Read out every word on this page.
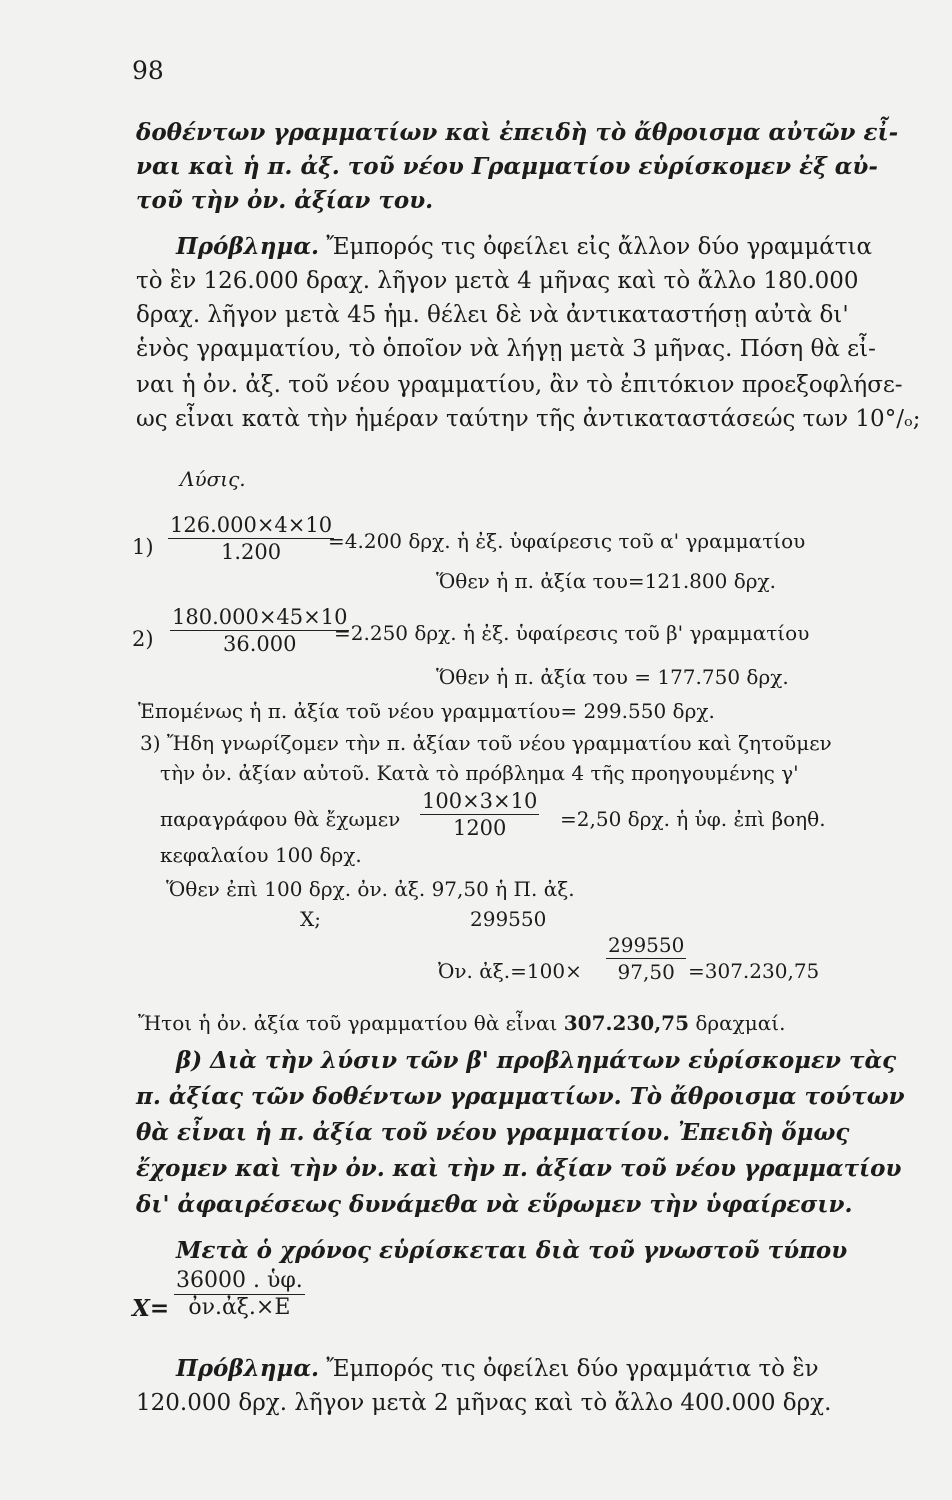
98
δοθέντων γραμματίων καὶ ἐπειδὴ τὸ ἄθροισμα αὐτῶν εἶ-
ναι καὶ ἡ π. ἀξ. τοῦ νέου Γραμματίου εὑρίσκομεν ἐξ αὐ-
τοῦ τὴν ὀν. ἀξίαν του.
Πρόβλημα. Ἔμπορός τις ὀφείλει εἰς ἄλλον δύο γραμμάτια
τὸ ἓν 126.000 δραχ. λῆγον μετὰ 4 μῆνας καὶ τὸ ἄλλο 180.000
δραχ. λῆγον μετὰ 45 ἡμ. θέλει δὲ νὰ ἀντικαταστήσῃ αὐτὰ δι'
ἑνὸς γραμματίου, τὸ ὁποῖον νὰ λήγῃ μετὰ 3 μῆνας. Πόση θὰ εἶ-
ναι ἡ ὀν. ἀξ. τοῦ νέου γραμματίου, ἂν τὸ ἐπιτόκιον προεξοφλήσε-
ως εἶναι κατὰ τὴν ἡμέραν ταύτην τῆς ἀντικαταστάσεώς των 10°/ₒ;
Λύσις.
$1) \frac{126.000\times 4\times 10}{1.200}$
=4.200 δρχ. ἡ ἐξ. ὑφαίρεσις τοῦ α' γραμματίου
Ὅθεν ἡ π. ἀξία του=121.800 δρχ.
$2) \frac{180.000\times 45\times 10}{36.000}$
=2.250 δρχ. ἡ ἐξ. ὑφαίρεσις τοῦ β' γραμματίου
Ὅθεν ἡ π. ἀξία του = 177.750 δρχ.
Ἑπομένως ἡ π. ἀξία τοῦ νέου γραμματίου= 299.550 δρχ.
3) Ἤδη γνωρίζομεν τὴν π. ἀξίαν τοῦ νέου γραμματίου καὶ ζητοῦμεν
τὴν ὀν. ἀξίαν αὐτοῦ. Κατὰ τὸ πρόβλημα 4 τῆς προηγουμένης γ'
παραγράφου θὰ ἔχωμεν $\frac{100\times 3\times 10}{1200} =2,50$ δρχ. ἡ ὑφ. ἐπὶ βοηθ.
κεφαλαίου 100 δρχ.
Ὅθεν ἐπὶ 100 δρχ. ὀν. ἀξ. 97,50 ἡ Π. ἀξ.
Χ;	299550
Ὀν. ἀξ.=100× $\frac{299550}{97,50} =307.230,75$
Ἤτοι ἡ ὀν. ἀξία τοῦ γραμματίου θὰ εἶναι 307.230,75 δραχμαί.
β) Διὰ τὴν λύσιν τῶν β' προβλημάτων εὑρίσκομεν τὰς
π. ἀξίας τῶν δοθέντων γραμματίων. Τὸ ἄθροισμα τούτων
θὰ εἶναι ἡ π. ἀξία τοῦ νέου γραμματίου. Ἐπειδὴ ὅμως
ἔχομεν καὶ τὴν ὀν. καὶ τὴν π. ἀξίαν τοῦ νέου γραμματίου
δι' ἀφαιρέσεως δυνάμεθα νὰ εὕρωμεν τὴν ὑφαίρεσιν.
Μετὰ ὁ χρόνος εὑρίσκεται διὰ τοῦ γνωστοῦ τύπου
$X= \frac{\text{36000 . ὑφ.}}{\text{ὀν.ἀξ.×Ε}}$
Πρόβλημα. Ἔμπορός τις ὀφείλει δύο γραμμάτια τὸ ἓν
120.000 δρχ. λῆγον μετὰ 2 μῆνας καὶ τὸ ἄλλο 400.000 δρχ.
